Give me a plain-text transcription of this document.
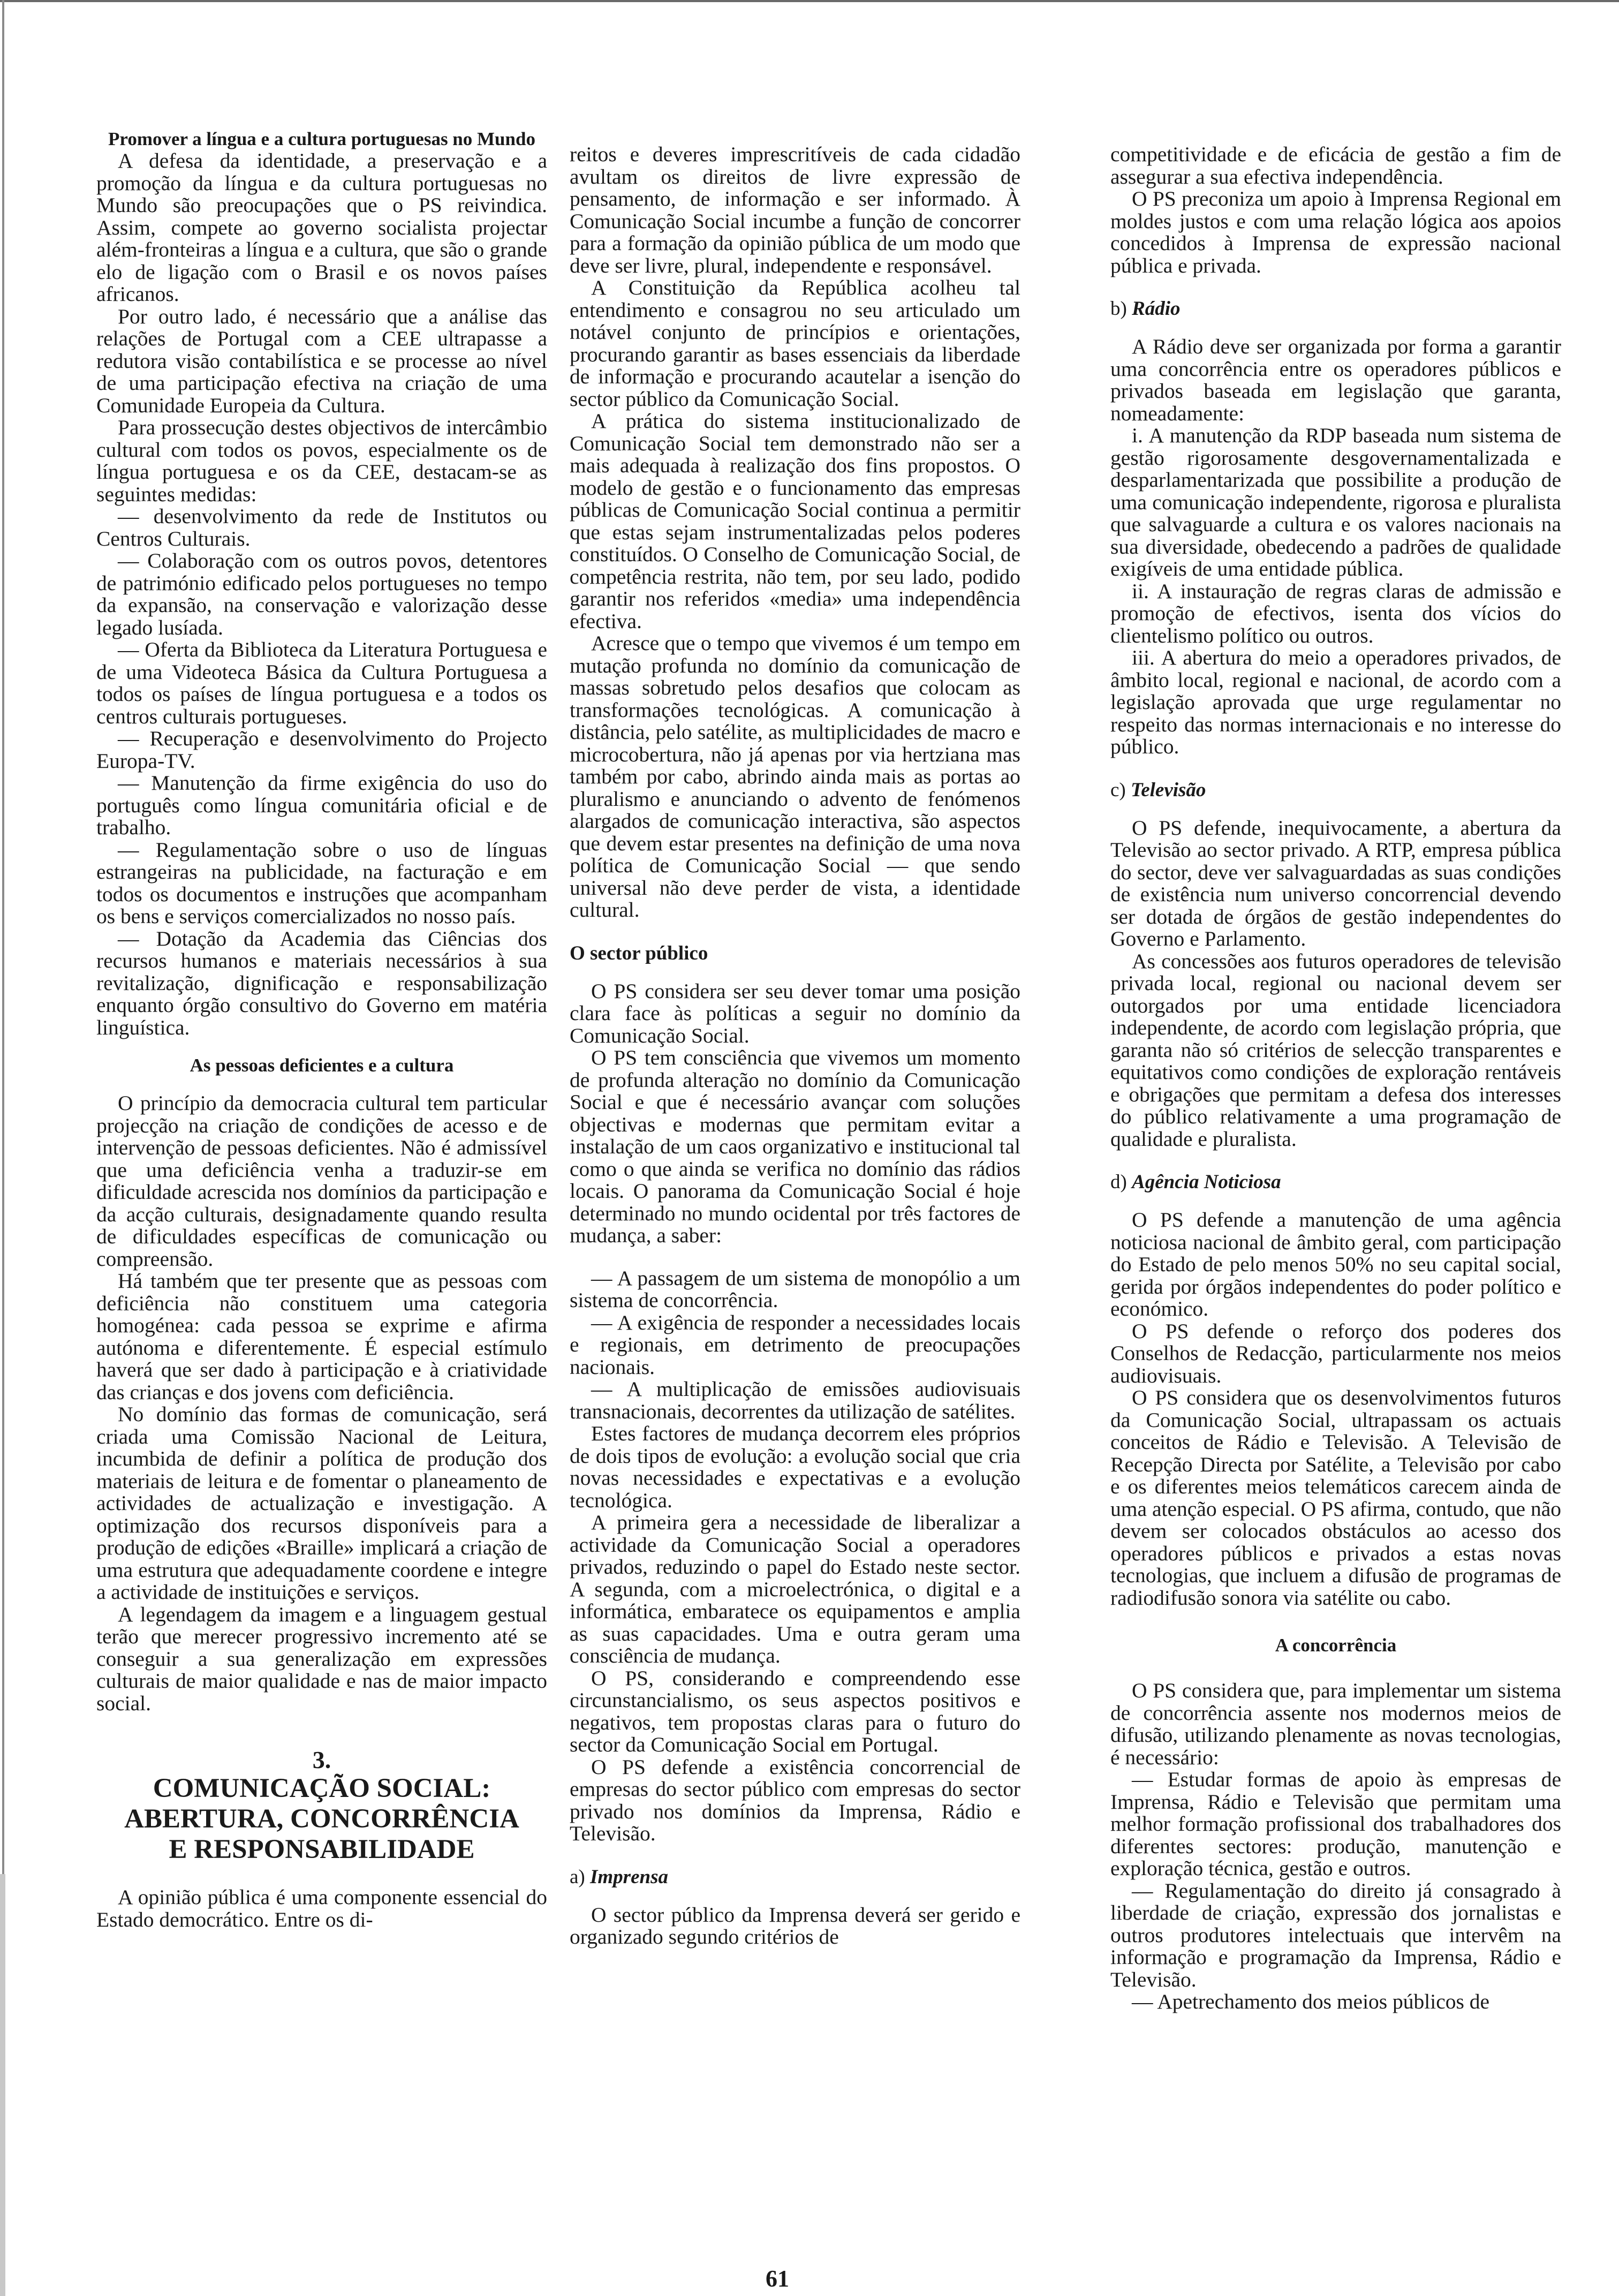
Promover a língua e a cultura portuguesas no Mundo

A defesa da identidade, a preservação e a promoção da língua e da cultura portuguesas no Mundo são preocupações que o PS reivindica. Assim, compete ao governo socialista projectar além-fronteiras a língua e a cultura, que são o grande elo de ligação com o Brasil e os novos países africanos.

Por outro lado, é necessário que a análise das relações de Portugal com a CEE ultrapasse a redutora visão contabilística e se processe ao nível de uma participação efectiva na criação de uma Comunidade Europeia da Cultura.

Para prossecução destes objectivos de intercâmbio cultural com todos os povos, especialmente os de língua portuguesa e os da CEE, destacam-se as seguintes medidas:

— desenvolvimento da rede de Institutos ou Centros Culturais.

— Colaboração com os outros povos, detentores de património edificado pelos portugueses no tempo da expansão, na conservação e valorização desse legado lusíada.

— Oferta da Biblioteca da Literatura Portuguesa e de uma Videoteca Básica da Cultura Portuguesa a todos os países de língua portuguesa e a todos os centros culturais portugueses.

— Recuperação e desenvolvimento do Projecto Europa-TV.

— Manutenção da firme exigência do uso do português como língua comunitária oficial e de trabalho.

— Regulamentação sobre o uso de línguas estrangeiras na publicidade, na facturação e em todos os documentos e instruções que acompanham os bens e serviços comercializados no nosso país.

— Dotação da Academia das Ciências dos recursos humanos e materiais necessários à sua revitalização, dignificação e responsabilização enquanto órgão consultivo do Governo em matéria linguística.

As pessoas deficientes e a cultura

O princípio da democracia cultural tem particular projecção na criação de condições de acesso e de intervenção de pessoas deficientes. Não é admissível que uma deficiência venha a traduzir-se em dificuldade acrescida nos domínios da participação e da acção culturais, designadamente quando resulta de dificuldades específicas de comunicação ou compreensão.

Há também que ter presente que as pessoas com deficiência não constituem uma categoria homogénea: cada pessoa se exprime e afirma autónoma e diferentemente. É especial estímulo haverá que ser dado à participação e à criatividade das crianças e dos jovens com deficiência.

No domínio das formas de comunicação, será criada uma Comissão Nacional de Leitura, incumbida de definir a política de produção dos materiais de leitura e de fomentar o planeamento de actividades de actualização e investigação. A optimização dos recursos disponíveis para a produção de edições «Braille» implicará a criação de uma estrutura que adequadamente coordene e integre a actividade de instituições e serviços.

A legendagem da imagem e a linguagem gestual terão que merecer progressivo incremento até se conseguir a sua generalização em expressões culturais de maior qualidade e nas de maior impacto social.

3.
COMUNICAÇÃO SOCIAL:
ABERTURA, CONCORRÊNCIA
E RESPONSABILIDADE

A opinião pública é uma componente essencial do Estado democrático. Entre os di-

reitos e deveres imprescritíveis de cada cidadão avultam os direitos de livre expressão de pensamento, de informação e ser informado. À Comunicação Social incumbe a função de concorrer para a formação da opinião pública de um modo que deve ser livre, plural, independente e responsável.

A Constituição da República acolheu tal entendimento e consagrou no seu articulado um notável conjunto de princípios e orientações, procurando garantir as bases essenciais da liberdade de informação e procurando acautelar a isenção do sector público da Comunicação Social.

A prática do sistema institucionalizado de Comunicação Social tem demonstrado não ser a mais adequada à realização dos fins propostos. O modelo de gestão e o funcionamento das empresas públicas de Comunicação Social continua a permitir que estas sejam instrumentalizadas pelos poderes constituídos. O Conselho de Comunicação Social, de competência restrita, não tem, por seu lado, podido garantir nos referidos «media» uma independência efectiva.

Acresce que o tempo que vivemos é um tempo em mutação profunda no domínio da comunicação de massas sobretudo pelos desafios que colocam as transformações tecnológicas. A comunicação à distância, pelo satélite, as multiplicidades de macro e microcobertura, não já apenas por via hertziana mas também por cabo, abrindo ainda mais as portas ao pluralismo e anunciando o advento de fenómenos alargados de comunicação interactiva, são aspectos que devem estar presentes na definição de uma nova política de Comunicação Social — que sendo universal não deve perder de vista, a identidade cultural.

O sector público

O PS considera ser seu dever tomar uma posição clara face às políticas a seguir no domínio da Comunicação Social.

O PS tem consciência que vivemos um momento de profunda alteração no domínio da Comunicação Social e que é necessário avançar com soluções objectivas e modernas que permitam evitar a instalação de um caos organizativo e institucional tal como o que ainda se verifica no domínio das rádios locais. O panorama da Comunicação Social é hoje determinado no mundo ocidental por três factores de mudança, a saber:

— A passagem de um sistema de monopólio a um sistema de concorrência.

— A exigência de responder a necessidades locais e regionais, em detrimento de preocupações nacionais.

— A multiplicação de emissões audiovisuais transnacionais, decorrentes da utilização de satélites.

Estes factores de mudança decorrem eles próprios de dois tipos de evolução: a evolução social que cria novas necessidades e expectativas e a evolução tecnológica.

A primeira gera a necessidade de liberalizar a actividade da Comunicação Social a operadores privados, reduzindo o papel do Estado neste sector. A segunda, com a microelectrónica, o digital e a informática, embaratece os equipamentos e amplia as suas capacidades. Uma e outra geram uma consciência de mudança.

O PS, considerando e compreendendo esse circunstancialismo, os seus aspectos positivos e negativos, tem propostas claras para o futuro do sector da Comunicação Social em Portugal.

O PS defende a existência concorrencial de empresas do sector público com empresas do sector privado nos domínios da Imprensa, Rádio e Televisão.

a) Imprensa

O sector público da Imprensa deverá ser gerido e organizado segundo critérios de

competitividade e de eficácia de gestão a fim de assegurar a sua efectiva independência.

O PS preconiza um apoio à Imprensa Regional em moldes justos e com uma relação lógica aos apoios concedidos à Imprensa de expressão nacional pública e privada.

b) Rádio

A Rádio deve ser organizada por forma a garantir uma concorrência entre os operadores públicos e privados baseada em legislação que garanta, nomeadamente:

i. A manutenção da RDP baseada num sistema de gestão rigorosamente desgovernamentalizada e desparlamentarizada que possibilite a produção de uma comunicação independente, rigorosa e pluralista que salvaguarde a cultura e os valores nacionais na sua diversidade, obedecendo a padrões de qualidade exigíveis de uma entidade pública.

ii. A instauração de regras claras de admissão e promoção de efectivos, isenta dos vícios do clientelismo político ou outros.

iii. A abertura do meio a operadores privados, de âmbito local, regional e nacional, de acordo com a legislação aprovada que urge regulamentar no respeito das normas internacionais e no interesse do público.

c) Televisão

O PS defende, inequivocamente, a abertura da Televisão ao sector privado. A RTP, empresa pública do sector, deve ver salvaguardadas as suas condições de existência num universo concorrencial devendo ser dotada de órgãos de gestão independentes do Governo e Parlamento.

As concessões aos futuros operadores de televisão privada local, regional ou nacional devem ser outorgados por uma entidade licenciadora independente, de acordo com legislação própria, que garanta não só critérios de selecção transparentes e equitativos como condições de exploração rentáveis e obrigações que permitam a defesa dos interesses do público relativamente a uma programação de qualidade e pluralista.

d) Agência Noticiosa

O PS defende a manutenção de uma agência noticiosa nacional de âmbito geral, com participação do Estado de pelo menos 50% no seu capital social, gerida por órgãos independentes do poder político e económico.

O PS defende o reforço dos poderes dos Conselhos de Redacção, particularmente nos meios audiovisuais.

O PS considera que os desenvolvimentos futuros da Comunicação Social, ultrapassam os actuais conceitos de Rádio e Televisão. A Televisão de Recepção Directa por Satélite, a Televisão por cabo e os diferentes meios telemáticos carecem ainda de uma atenção especial. O PS afirma, contudo, que não devem ser colocados obstáculos ao acesso dos operadores públicos e privados a estas novas tecnologias, que incluem a difusão de programas de radiodifusão sonora via satélite ou cabo.

A concorrência

O PS considera que, para implementar um sistema de concorrência assente nos modernos meios de difusão, utilizando plenamente as novas tecnologias, é necessário:

— Estudar formas de apoio às empresas de Imprensa, Rádio e Televisão que permitam uma melhor formação profissional dos trabalhadores dos diferentes sectores: produção, manutenção e exploração técnica, gestão e outros.

— Regulamentação do direito já consagrado à liberdade de criação, expressão dos jornalistas e outros produtores intelectuais que intervêm na informação e programação da Imprensa, Rádio e Televisão.

— Apetrechamento dos meios públicos de

61
